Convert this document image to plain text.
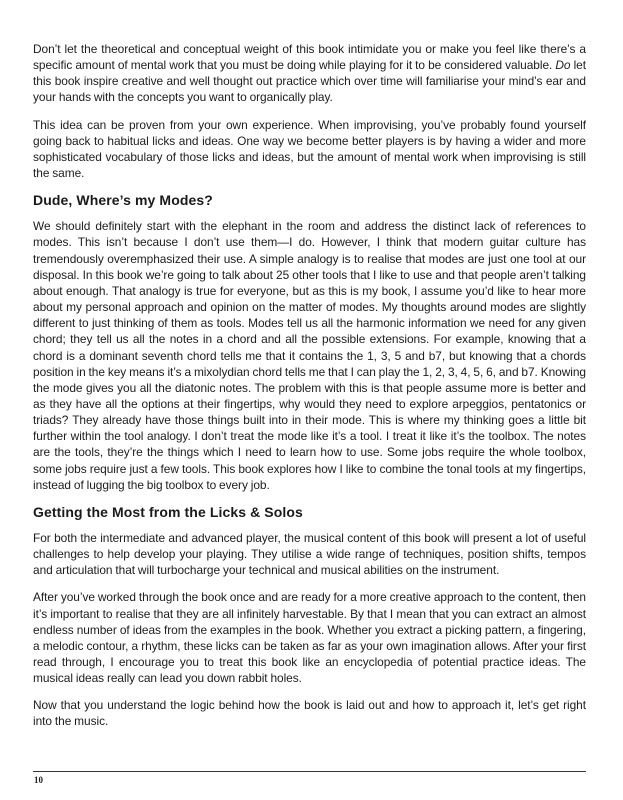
Don’t let the theoretical and conceptual weight of this book intimidate you or make you feel like there’s a specific amount of mental work that you must be doing while playing for it to be considered valuable. Do let this book inspire creative and well thought out practice which over time will familiarise your mind’s ear and your hands with the concepts you want to organically play.

This idea can be proven from your own experience. When improvising, you’ve probably found yourself going back to habitual licks and ideas. One way we become better players is by having a wider and more sophisticated vocabulary of those licks and ideas, but the amount of mental work when improvising is still the same.

Dude, Where’s my Modes?

We should definitely start with the elephant in the room and address the distinct lack of references to modes. This isn’t because I don’t use them—I do. However, I think that modern guitar culture has tremendously overemphasized their use. A simple analogy is to realise that modes are just one tool at our disposal. In this book we’re going to talk about 25 other tools that I like to use and that people aren’t talking about enough. That analogy is true for everyone, but as this is my book, I assume you’d like to hear more about my personal approach and opinion on the matter of modes. My thoughts around modes are slightly different to just thinking of them as tools. Modes tell us all the harmonic information we need for any given chord; they tell us all the notes in a chord and all the possible extensions. For example, knowing that a chord is a dominant seventh chord tells me that it contains the 1, 3, 5 and b7, but knowing that a chords position in the key means it’s a mixolydian chord tells me that I can play the 1, 2, 3, 4, 5, 6, and b7. Knowing the mode gives you all the diatonic notes. The problem with this is that people assume more is better and as they have all the options at their fingertips, why would they need to explore arpeggios, pentatonics or triads? They already have those things built into in their mode. This is where my thinking goes a little bit further within the tool analogy. I don’t treat the mode like it’s a tool. I treat it like it’s the toolbox. The notes are the tools, they’re the things which I need to learn how to use. Some jobs require the whole toolbox, some jobs require just a few tools. This book explores how I like to combine the tonal tools at my fingertips, instead of lugging the big toolbox to every job.

Getting the Most from the Licks & Solos

For both the intermediate and advanced player, the musical content of this book will present a lot of useful challenges to help develop your playing. They utilise a wide range of techniques, position shifts, tempos and articulation that will turbocharge your technical and musical abilities on the instrument.

After you’ve worked through the book once and are ready for a more creative approach to the content, then it’s important to realise that they are all infinitely harvestable. By that I mean that you can extract an almost endless number of ideas from the examples in the book. Whether you extract a picking pattern, a fingering, a melodic contour, a rhythm, these licks can be taken as far as your own imagination allows. After your first read through, I encourage you to treat this book like an encyclopedia of potential practice ideas. The musical ideas really can lead you down rabbit holes.

Now that you understand the logic behind how the book is laid out and how to approach it, let’s get right into the music.

10
